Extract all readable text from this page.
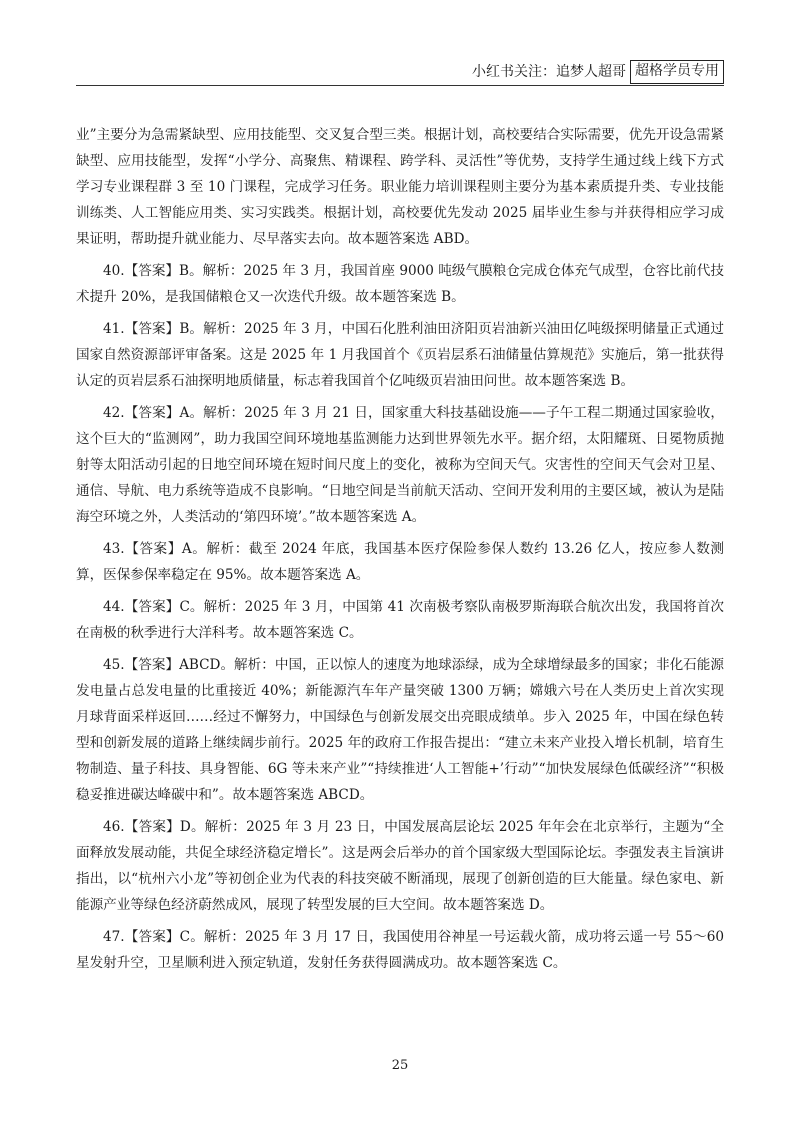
小红书关注：追梦人超哥 超格学员专用

业”主要分为急需紧缺型、应用技能型、交叉复合型三类。根据计划，高校要结合实际需要，优先开设急需紧缺型、应用技能型，发挥“小学分、高聚焦、精课程、跨学科、灵活性”等优势，支持学生通过线上线下方式学习专业课程群 3 至 10 门课程，完成学习任务。职业能力培训课程则主要分为基本素质提升类、专业技能训练类、人工智能应用类、实习实践类。根据计划，高校要优先发动 2025 届毕业生参与并获得相应学习成果证明，帮助提升就业能力、尽早落实去向。故本题答案选 ABD。

40.【答案】B。解析：2025 年 3 月，我国首座 9000 吨级气膜粮仓完成仓体充气成型，仓容比前代技术提升 20%，是我国储粮仓又一次迭代升级。故本题答案选 B。

41.【答案】B。解析：2025 年 3 月，中国石化胜利油田济阳页岩油新兴油田亿吨级探明储量正式通过国家自然资源部评审备案。这是 2025 年 1 月我国首个《页岩层系石油储量估算规范》实施后，第一批获得认定的页岩层系石油探明地质储量，标志着我国首个亿吨级页岩油田问世。故本题答案选 B。

42.【答案】A。解析：2025 年 3 月 21 日，国家重大科技基础设施——子午工程二期通过国家验收，这个巨大的“监测网”，助力我国空间环境地基监测能力达到世界领先水平。据介绍，太阳耀斑、日冕物质抛射等太阳活动引起的日地空间环境在短时间尺度上的变化，被称为空间天气。灾害性的空间天气会对卫星、通信、导航、电力系统等造成不良影响。“日地空间是当前航天活动、空间开发利用的主要区域，被认为是陆海空环境之外，人类活动的‘第四环境’。”故本题答案选 A。

43.【答案】A。解析：截至 2024 年底，我国基本医疗保险参保人数约 13.26 亿人，按应参人数测算，医保参保率稳定在 95%。故本题答案选 A。

44.【答案】C。解析：2025 年 3 月，中国第 41 次南极考察队南极罗斯海联合航次出发，我国将首次在南极的秋季进行大洋科考。故本题答案选 C。

45.【答案】ABCD。解析：中国，正以惊人的速度为地球添绿，成为全球增绿最多的国家；非化石能源发电量占总发电量的比重接近 40%；新能源汽车年产量突破 1300 万辆；嫦娥六号在人类历史上首次实现月球背面采样返回……经过不懈努力，中国绿色与创新发展交出亮眼成绩单。步入 2025 年，中国在绿色转型和创新发展的道路上继续阔步前行。2025 年的政府工作报告提出：“建立未来产业投入增长机制，培育生物制造、量子科技、具身智能、6G 等未来产业”“持续推进‘人工智能+’行动”“加快发展绿色低碳经济”“积极稳妥推进碳达峰碳中和”。故本题答案选 ABCD。

46.【答案】D。解析：2025 年 3 月 23 日，中国发展高层论坛 2025 年年会在北京举行，主题为“全面释放发展动能，共促全球经济稳定增长”。这是两会后举办的首个国家级大型国际论坛。李强发表主旨演讲指出，以“杭州六小龙”等初创企业为代表的科技突破不断涌现，展现了创新创造的巨大能量。绿色家电、新能源产业等绿色经济蔚然成风，展现了转型发展的巨大空间。故本题答案选 D。

47.【答案】C。解析：2025 年 3 月 17 日，我国使用谷神星一号运载火箭，成功将云遥一号 55～60 星发射升空，卫星顺利进入预定轨道，发射任务获得圆满成功。故本题答案选 C。

25
